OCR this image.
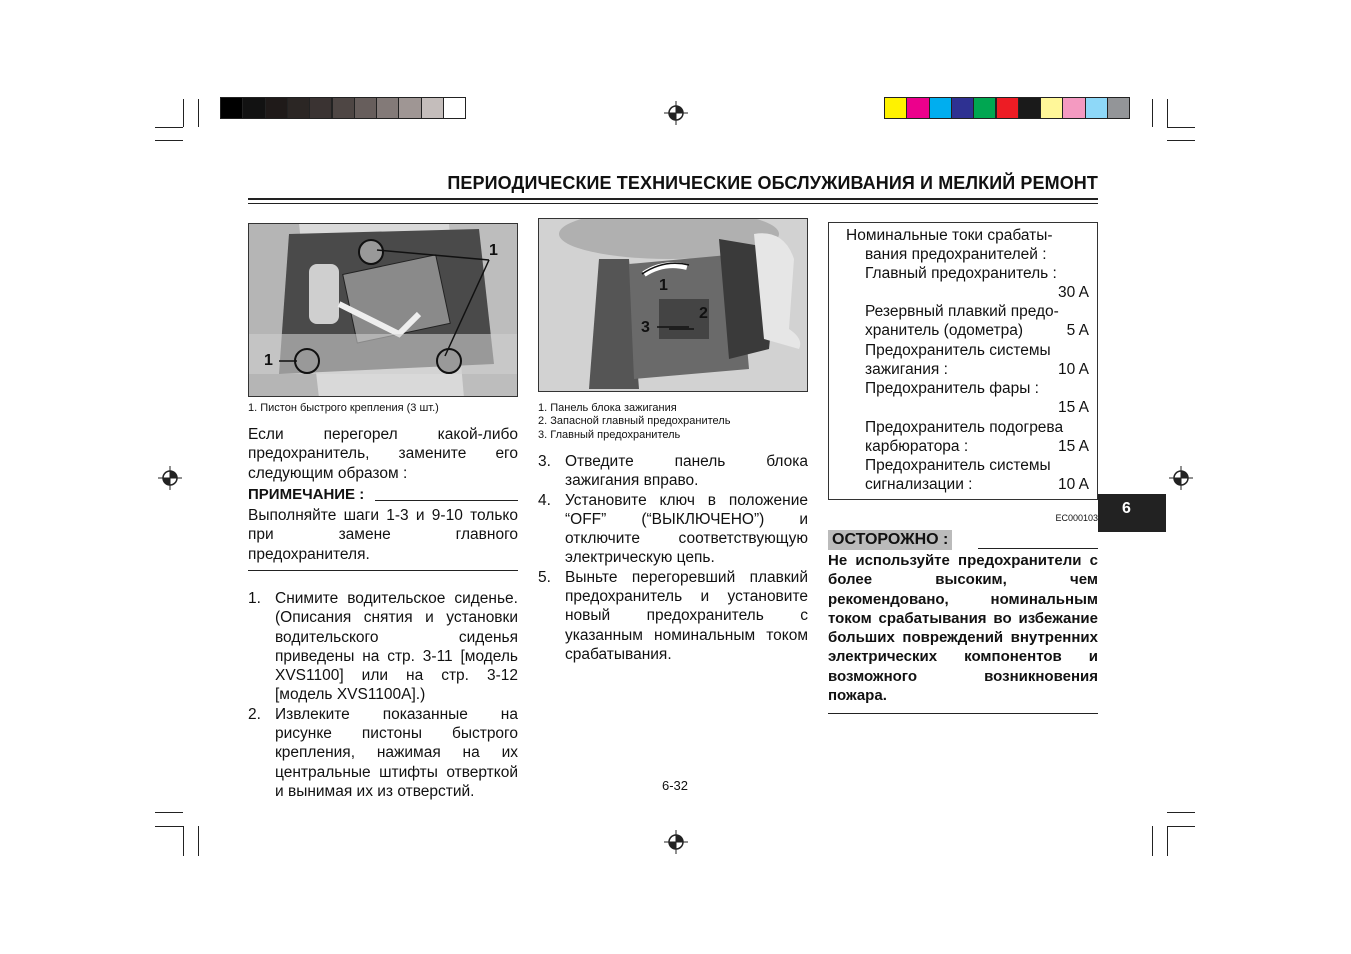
ПЕРИОДИЧЕСКИЕ ТЕХНИЧЕСКИЕ ОБСЛУЖИВАНИЯ И МЕЛКИЙ РЕМОНТ
1
1
1. Пистон быстрого крепления (3 шт.)
1
2
3
1. Панель блока зажигания
2. Запасной главный предохранитель
3. Главный предохранитель
Если перегорел какой-либо предохранитель, замените его следующим образом :
ПРИМЕЧАНИЕ :
Выполняйте шаги 1-3 и 9-10 только при замене главного предохранителя.
1. Снимите водительское сиденье. (Описания снятия и установки водительского сиденья приведены на стр. 3-11 [модель XVS1100] или на стр. 3-12 [модель XVS1100A].)
2. Извлеките показанные на рисунке пистоны быстрого крепления, нажимая на их центральные штифты отверткой и вынимая их из отверстий.
3. Отведите панель блока зажигания вправо.
4. Установите ключ в положение “OFF” (“ВЫКЛЮЧЕНО”) и отключите соответствующую электрическую цепь.
5. Выньте перегоревший плавкий предохранитель и установите новый предохранитель с указанным номинальным током срабатывания.
Номинальные токи срабаты-
вания предохранителей :
Главный предохранитель :
30 A
Резервный плавкий предо-
хранитель (одометра)	5 A
Предохранитель системы
зажигания :	10 A
Предохранитель фары :
15 A
Предохранитель подогрева
карбюратора :	15 A
Предохранитель системы
сигнализации :	10 A
EC000103
ОСТОРОЖНО :
Не используйте предохранители с более высоким, чем рекомендовано, номинальным током срабатывания во избежание больших повреждений внутренних электрических компонентов и возможного возникновения пожара.
6
6-32
